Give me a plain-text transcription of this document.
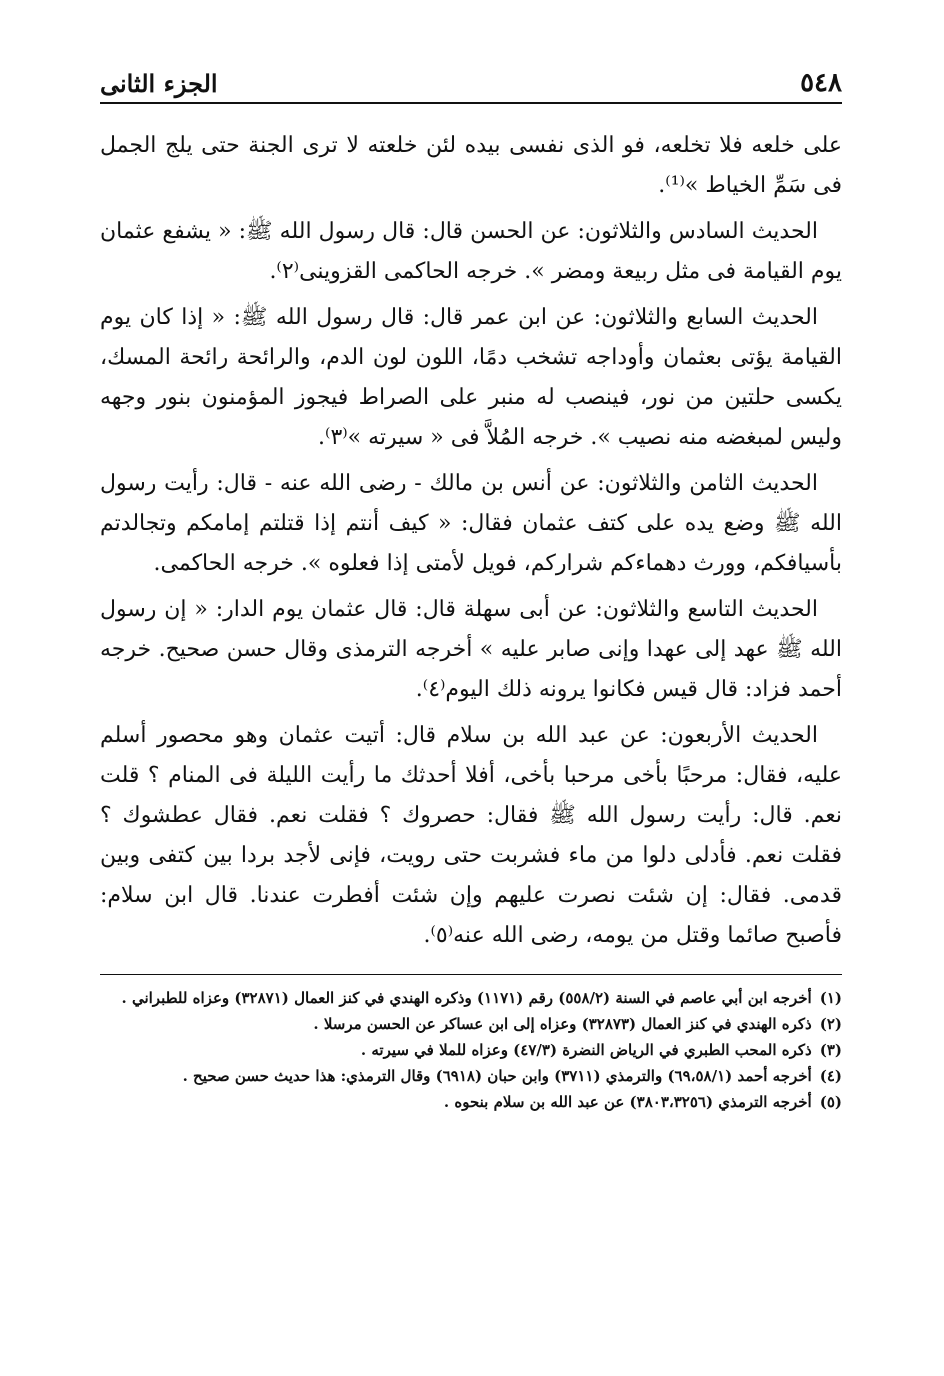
٥٤٨
الجزء الثانى

على خلعه فلا تخلعه، فو الذى نفسى بيده لئن خلعته لا ترى الجنة حتى يلج الجمل فى سَمِّ الخياط »⁽¹⁾.

الحديث السادس والثلاثون: عن الحسن قال: قال رسول الله ﷺ: « يشفع عثمان يوم القيامة فى مثل ربيعة ومضر ». خرجه الحاكمى القزوينى⁽٢⁾.

الحديث السابع والثلاثون: عن ابن عمر قال: قال رسول الله ﷺ: « إذا كان يوم القيامة يؤتى بعثمان وأوداجه تشخب دمًا، اللون لون الدم، والرائحة رائحة المسك، يكسى حلتين من نور، فينصب له منبر على الصراط فيجوز المؤمنون بنور وجهه وليس لمبغضه منه نصيب ». خرجه المُلاَّ فى « سيرته »⁽٣⁾.

الحديث الثامن والثلاثون: عن أنس بن مالك - رضى الله عنه - قال: رأيت رسول الله ﷺ وضع يده على كتف عثمان فقال: « كيف أنتم إذا قتلتم إمامكم وتجالدتم بأسيافكم، وورث دهماءكم شراركم، فويل لأمتى إذا فعلوه ». خرجه الحاكمى.

الحديث التاسع والثلاثون: عن أبى سهلة قال: قال عثمان يوم الدار: « إن رسول الله ﷺ عهد إلى عهدا وإنى صابر عليه » أخرجه الترمذى وقال حسن صحيح. خرجه أحمد فزاد: قال قيس فكانوا يرونه ذلك اليوم⁽٤⁾.

الحديث الأربعون: عن عبد الله بن سلام قال: أتيت عثمان وهو محصور أسلم عليه، فقال: مرحبًا بأخى مرحبا بأخى، أفلا أحدثك ما رأيت الليلة فى المنام ؟ قلت نعم. قال: رأيت رسول الله ﷺ فقال: حصروك ؟ فقلت نعم. فقال عطشوك ؟ فقلت نعم. فأدلى دلوا من ماء فشربت حتى رويت، فإنى لأجد بردا بين كتفى وبين قدمى. فقال: إن شئت نصرت عليهم وإن شئت أفطرت عندنا. قال ابن سلام: فأصبح صائما وقتل من يومه، رضى الله عنه⁽٥⁾.

(١)
أخرجه ابن أبي عاصم في السنة (٥٥٨/٢) رقم (١١٧١) وذكره الهندي في كنز العمال (٣٢٨٧١) وعزاه للطبراني .
(٢)
ذكره الهندي في كنز العمال (٣٢٨٧٣) وعزاه إلى ابن عساكر عن الحسن مرسلا .
(٣)
ذكره المحب الطبري في الرياض النضرة (٤٧/٣) وعزاه للملا في سيرته .
(٤)
أخرجه أحمد (٦٩،٥٨/١) والترمذي (٣٧١١) وابن حبان (٦٩١٨) وقال الترمذي: هذا حديث حسن صحيح .
(٥)
أخرجه الترمذي (٣٨٠٣،٣٢٥٦) عن عبد الله بن سلام بنحوه .
